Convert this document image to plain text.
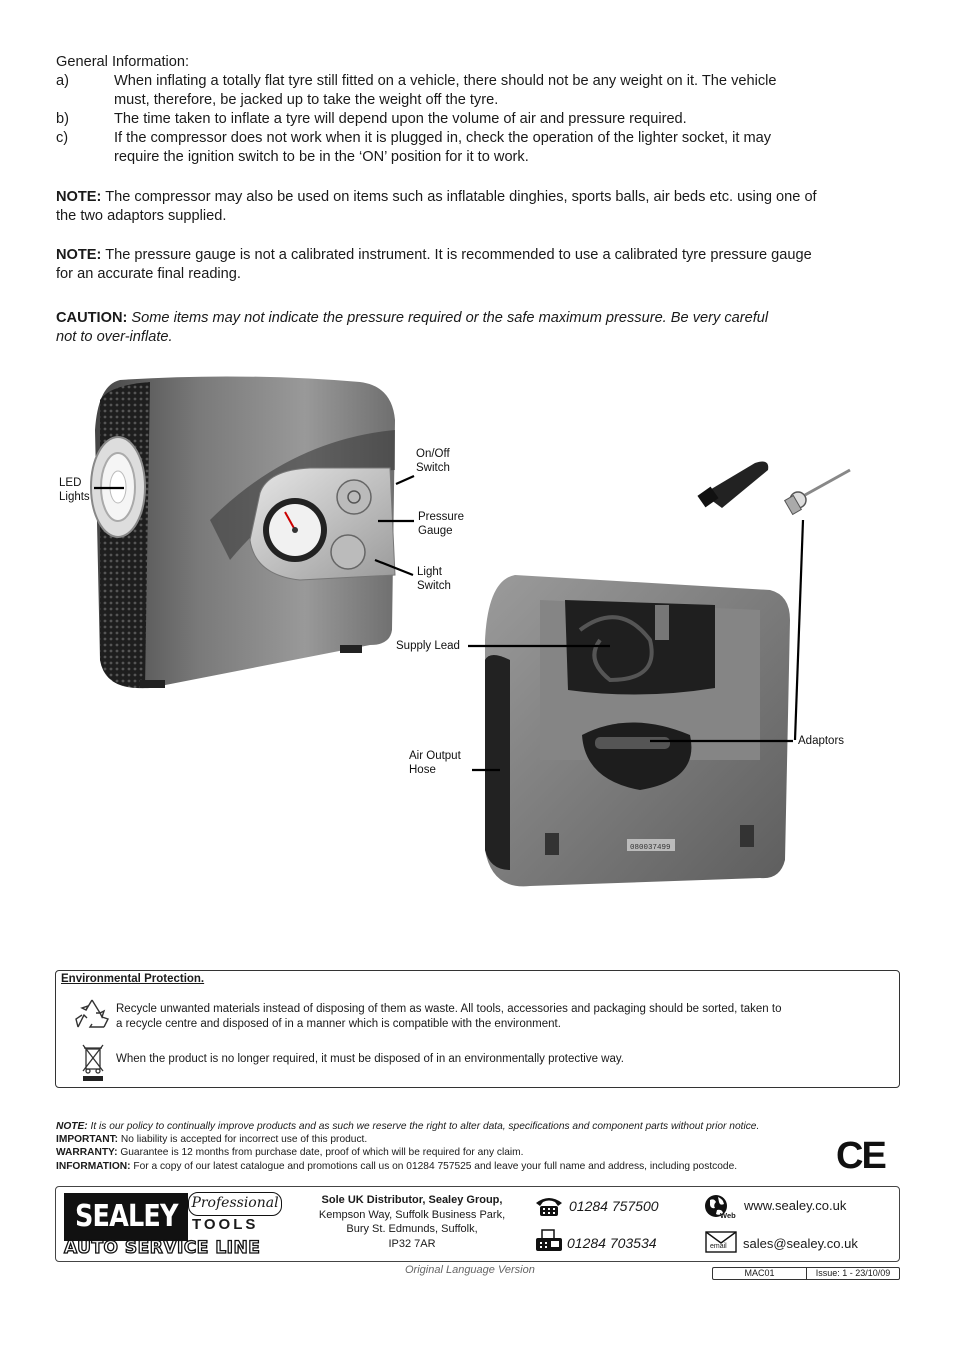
General Information:
a)	When inflating a totally flat tyre still fitted on a vehicle, there should not be any weight on it. The vehicle
must, therefore, be jacked up to take the weight off the tyre.
b)	The time taken to inflate a tyre will depend upon the volume of air and pressure required.
c)	If the compressor does not work when it is plugged in, check the operation of the lighter socket, it may
require the ignition switch to be in the ‘ON’ position for it to work.
NOTE: The compressor may also be used on items such as inflatable dinghies, sports balls, air beds etc. using one of
the two adaptors supplied.
NOTE: The pressure gauge is not a calibrated instrument. It is recommended to use a calibrated tyre pressure gauge
for an accurate final reading.
CAUTION: Some items may not indicate the pressure required or the safe maximum pressure. Be very careful
not to over-inflate.
080037499
LED
Lights
On/Off
Switch
Pressure
Gauge
Light
Switch
Supply Lead
Air Output
Hose
Adaptors
Environmental Protection.
Recycle unwanted materials instead of disposing of them as waste. All tools, accessories and packaging should be sorted, taken to
a recycle centre and disposed of in a manner which is compatible with the environment.
When the product is no longer required, it must be disposed of in an environmentally protective way.
NOTE: It is our policy to continually improve products and as such we reserve the right to alter data, specifications and component parts without prior notice.
IMPORTANT: No liability is accepted for incorrect use of this product.
WARRANTY: Guarantee is 12 months from purchase date, proof of which will be required for any claim.
INFORMATION: For a copy of our latest catalogue and promotions call us on 01284 757525 and leave your full name and address, including postcode.	CE
SEALEY Professional
TOOLS
AUTO SERVICE LINE
Sole UK Distributor, Sealey Group,
Kempson Way, Suffolk Business Park,
Bury St. Edmunds, Suffolk,
IP32 7AR
01284 757500
01284 703534
Web
www.sealey.co.uk
email sales@sealey.co.uk
Original Language Version	MAC01	Issue: 1 - 23/10/09
